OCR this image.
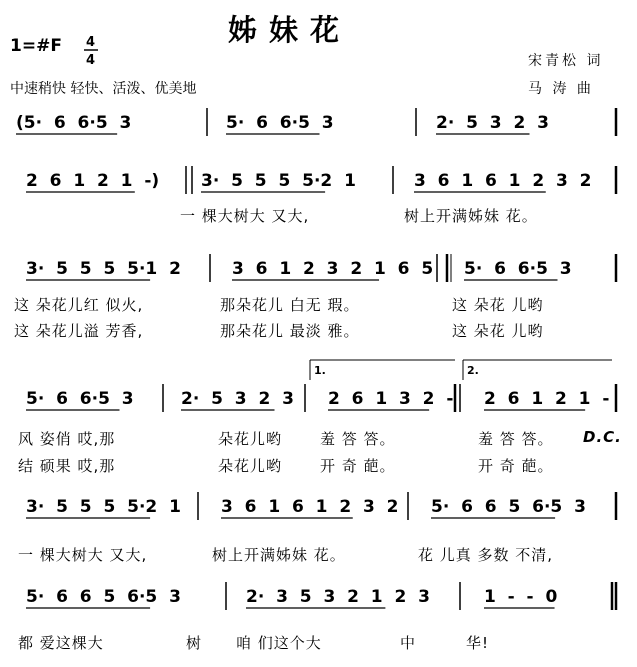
姊妹花
1=#F 4
4
中速稍快 轻快、活泼、优美地
宋青松 词
马 涛 曲
1.	2.
(5·  6  6·5  3	5·  6  6·5  3	2·  5  3  2  3
2  6  1  2  1  -) 3·  5  5  5  5·2  1	3  6  1  6  1  2  3  2
3·  5  5  5  5·1  2	3  6  1  2  3  2  1  6  5 5·  6  6·5  3
5·  6  6·5  3	2·  5  3  2  3 2  6  1  3  2  - 2  6  1  2  1  -
3·  5  5  5  5·2  1 3  6  1  6  1  2  3  2 5·  6  6  5  6·5  3
5·  6  6  5  6·5  3	2·  3  5  3  2  1  2  3	1  -  -  0
一 棵大树大 又大,	树上开满姊妹 花。
这 朵花儿红 似火,	那朵花儿 白无 瑕。	这 朵花 儿哟
这 朵花儿溢 芳香,	那朵花儿 最淡 雅。	这 朵花 儿哟
风 姿俏 哎,那	朵花儿哟	羞 答 答。	羞 答 答。 D.C.
结 硕果 哎,那	朵花儿哟	开 奇 葩。	开 奇 葩。
一 棵大树大 又大,	树上开满姊妹 花。	花 儿真 多数 不清,
都 爱这棵大	树 咱 们这个大	中	华!
